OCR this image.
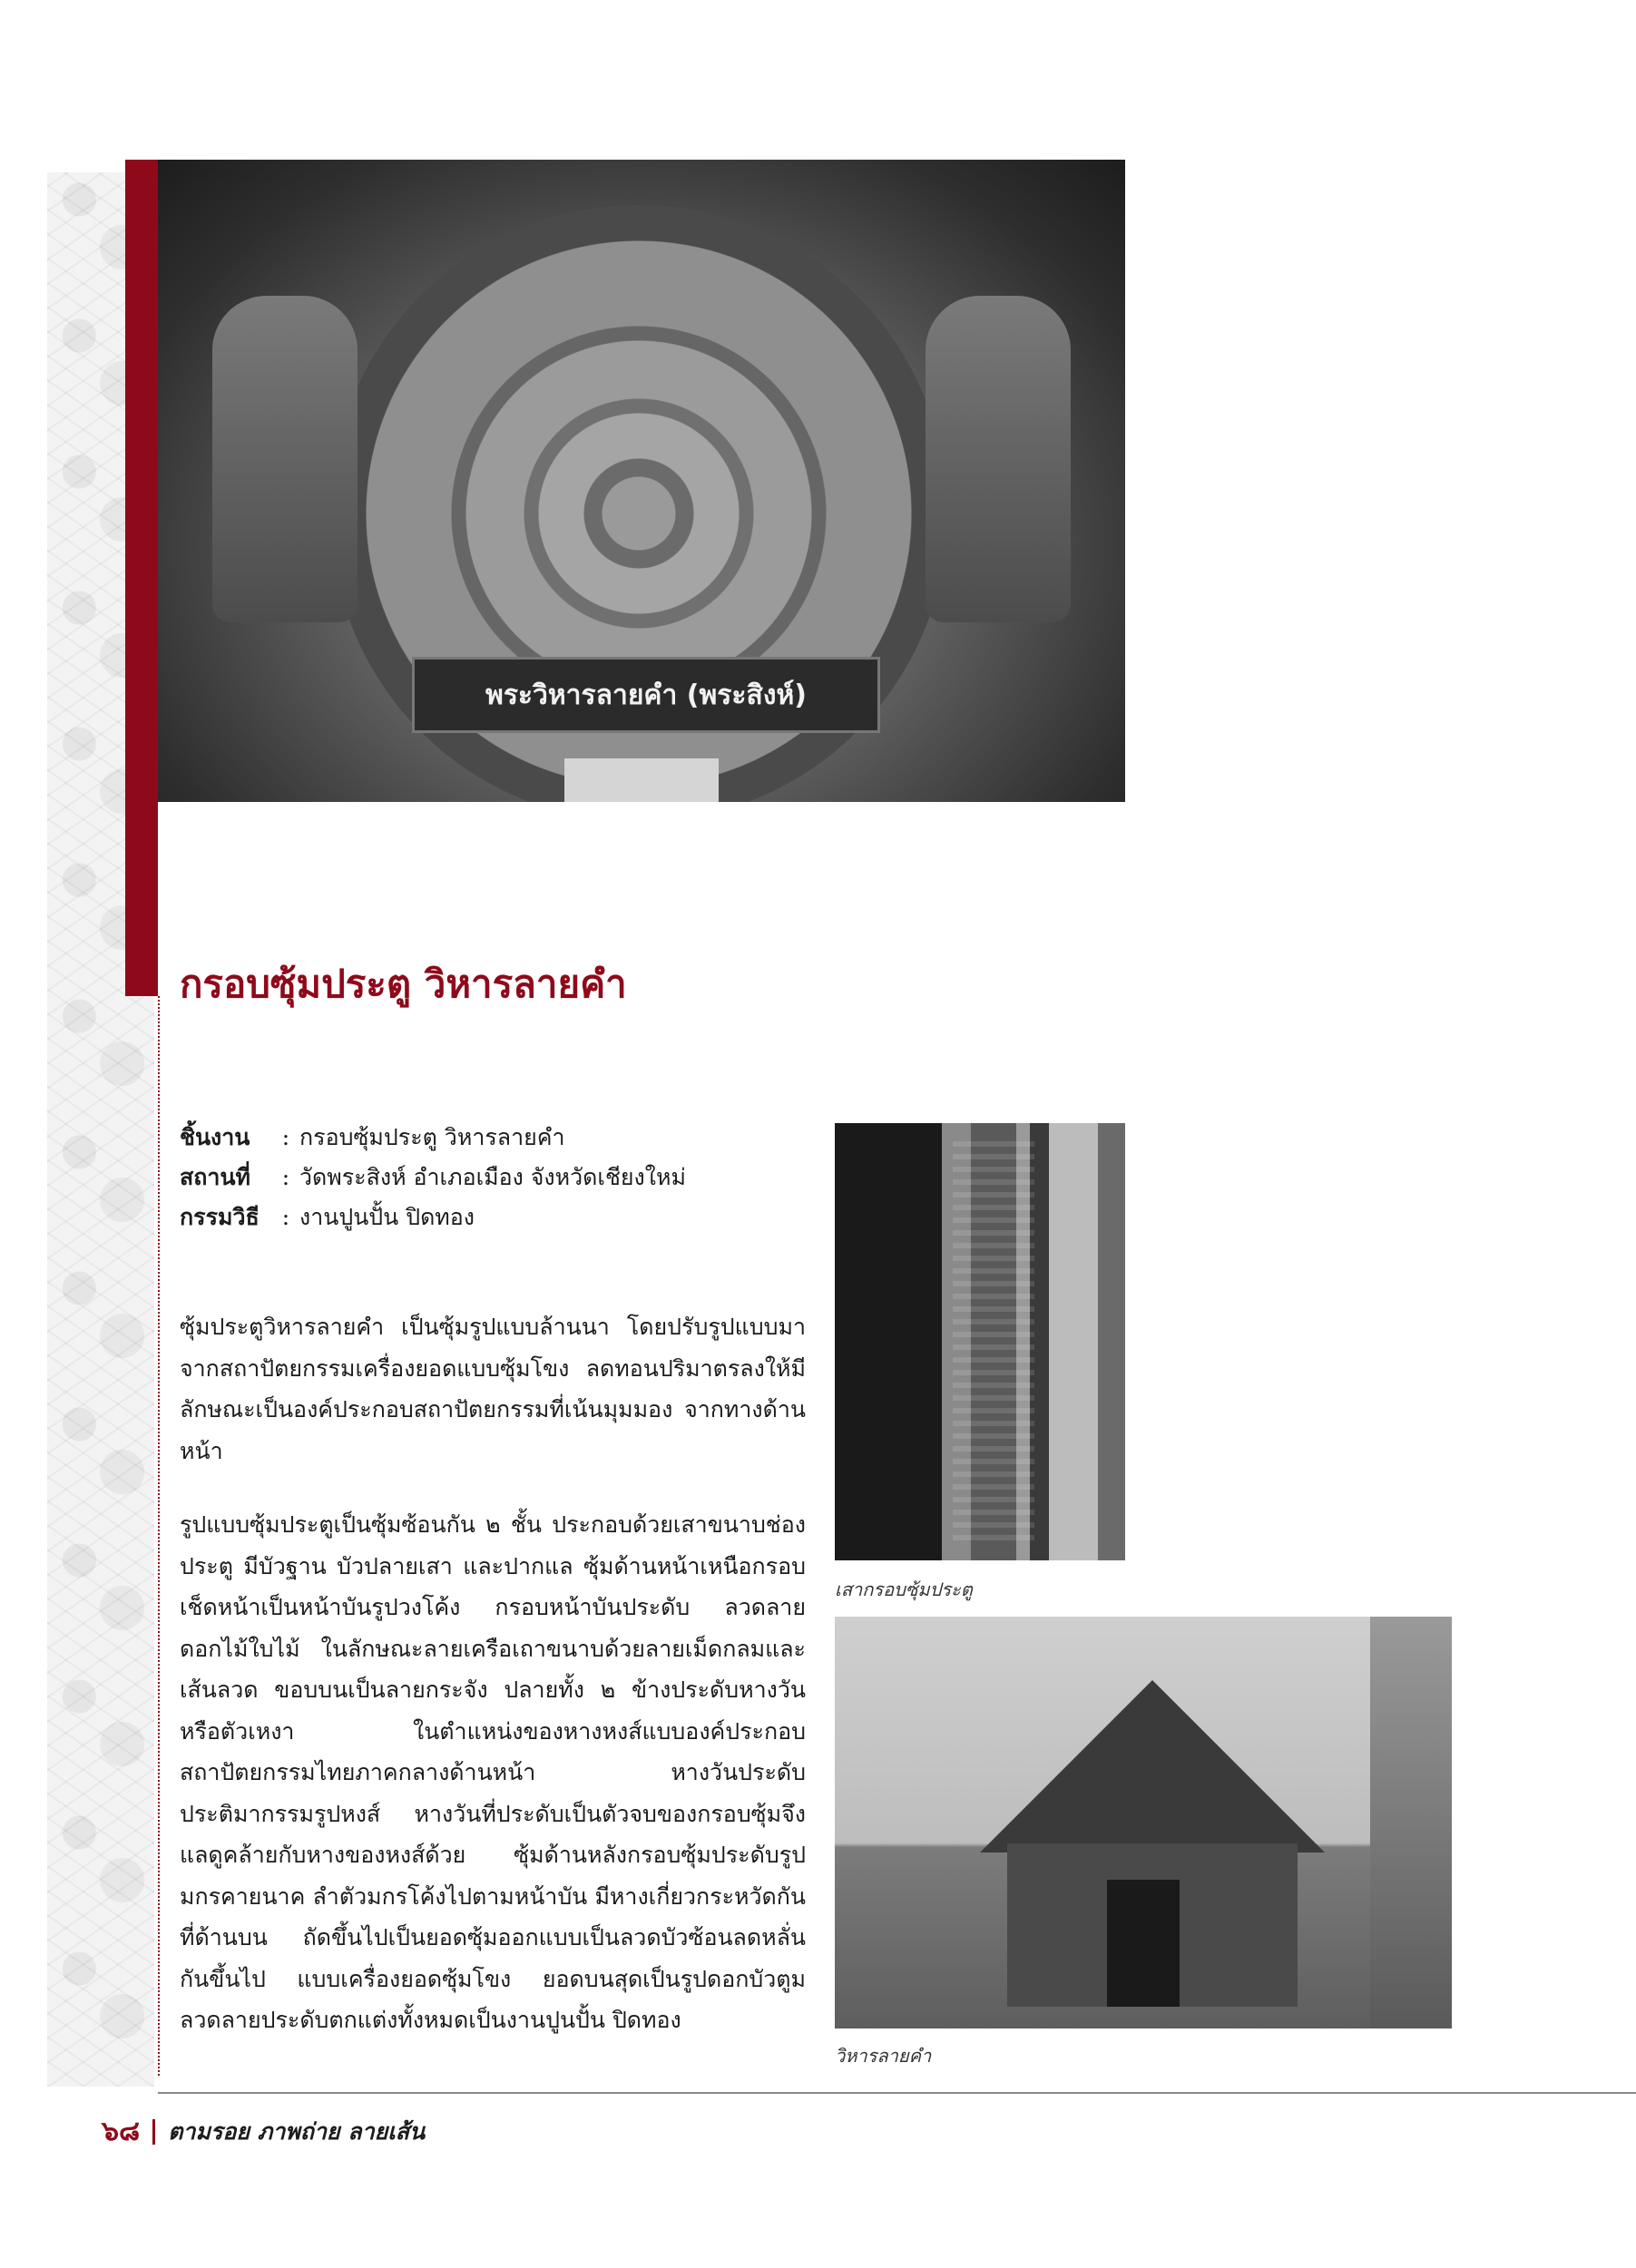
พระวิหารลายคำ (พระสิงห์)
กรอบซุ้มประตู วิหารลายคำ
ชิ้นงาน : กรอบซุ้มประตู วิหารลายคำ
สถานที่ : วัดพระสิงห์ อำเภอเมือง จังหวัดเชียงใหม่
กรรมวิธี : งานปูนปั้น ปิดทอง

ซุ้มประตูวิหารลายคำ เป็นซุ้มรูปแบบล้านนา โดยปรับรูปแบบมาจากสถาปัตยกรรมเครื่องยอดแบบซุ้มโขง ลดทอนปริมาตรลงให้มีลักษณะเป็นองค์ประกอบสถาปัตยกรรมที่เน้นมุมมอง จากทางด้านหน้า

รูปแบบซุ้มประตูเป็นซุ้มซ้อนกัน ๒ ชั้น ประกอบด้วยเสาขนาบช่องประตู มีบัวฐาน บัวปลายเสา และปากแล ซุ้มด้านหน้าเหนือกรอบเช็ดหน้าเป็นหน้าบันรูปวงโค้ง กรอบหน้าบันประดับ ลวดลายดอกไม้ใบไม้ ในลักษณะลายเครือเถาขนาบด้วยลายเม็ดกลมและเส้นลวด ขอบบนเป็นลายกระจัง ปลายทั้ง ๒ ข้างประดับหางวันหรือตัวเหงา ในตำแหน่งของหางหงส์แบบองค์ประกอบสถาปัตยกรรมไทยภาคกลางด้านหน้า หางวันประดับประติมากรรมรูปหงส์ หางวันที่ประดับเป็นตัวจบของกรอบซุ้มจึงแลดูคล้ายกับหางของหงส์ด้วย ซุ้มด้านหลังกรอบซุ้มประดับรูปมกรคายนาค ลำตัวมกรโค้งไปตามหน้าบัน มีหางเกี่ยวกระหวัดกันที่ด้านบน ถัดขึ้นไปเป็นยอดซุ้มออกแบบเป็นลวดบัวซ้อนลดหลั่นกันขึ้นไป แบบเครื่องยอดซุ้มโขง ยอดบนสุดเป็นรูปดอกบัวตูม ลวดลายประดับตกแต่งทั้งหมดเป็นงานปูนปั้น ปิดทอง

เสากรอบซุ้มประตู
วิหารลายคำ
๖๘ ตามรอย ภาพถ่าย ลายเส้น
